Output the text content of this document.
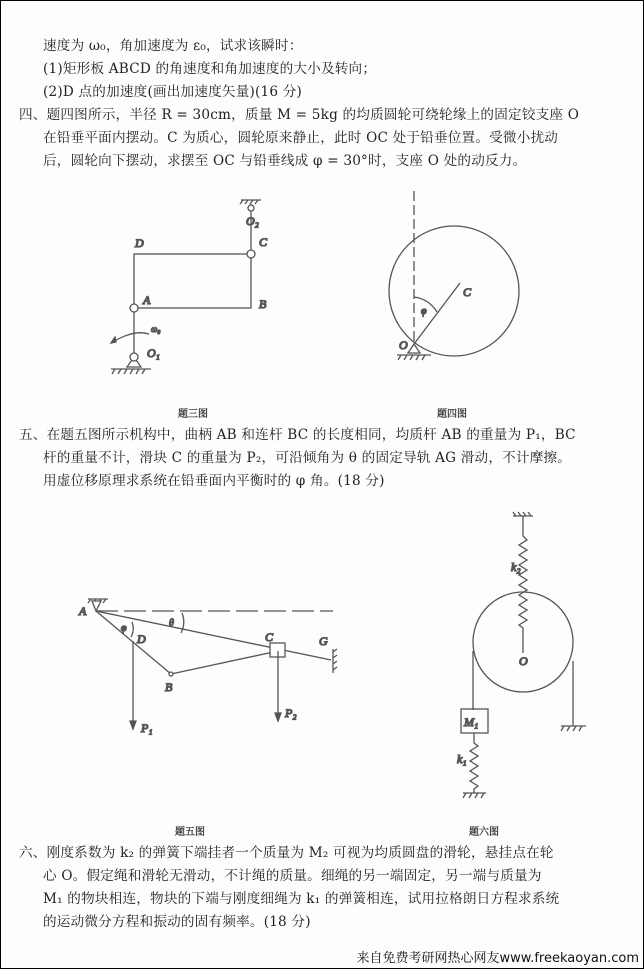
速度为 ω₀，角加速度为 ε₀，试求该瞬时：
(1)矩形板 ABCD 的角速度和角加速度的大小及转向；
(2)D 点的加速度(画出加速度矢量)(16 分)
四、题四图所示，半径 R = 30cm，质量 M = 5kg 的均质圆轮可绕轮缘上的固定铰支座 O
在铅垂平面内摆动。C 为质心，圆轮原来静止，此时 OC 处于铅垂位置。受微小扰动
后，圆轮向下摆动，求摆至 OC 与铅垂线成 φ = 30°时，支座 O 处的动反力。
题三图	题四图
五、在题五图所示机构中，曲柄 AB 和连杆 BC 的长度相同，均质杆 AB 的重量为 P₁，BC
杆的重量不计，滑块 C 的重量为 P₂，可沿倾角为 θ 的固定导轨 AG 滑动，不计摩擦。
用虚位移原理求系统在铅垂面内平衡时的 φ 角。(18 分)
题五图	题六图
六、刚度系数为 k₂ 的弹簧下端挂者一个质量为 M₂ 可视为均质圆盘的滑轮，悬挂点在轮
心 O。假定绳和滑轮无滑动，不计绳的质量。细绳的另一端固定，另一端与质量为
M₁ 的物块相连，物块的下端与刚度细绳为 k₁ 的弹簧相连，试用拉格朗日方程求系统
的运动微分方程和振动的固有频率。(18 分)
来自免费考研网热心网友www.freekaoyan.com
O₂
C
D
A	B
O₁
ω₀
C
φ
O
A
φ	θ
D	C	G
B
P₁
P₂
k₂
O
M₁
k₁
